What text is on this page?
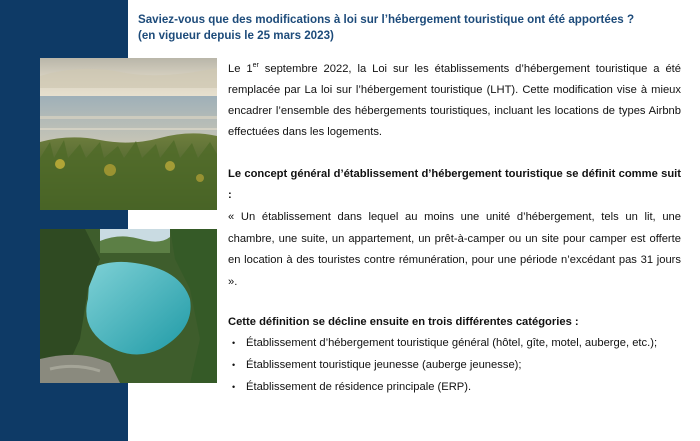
Saviez-vous que des modifications à loi sur l’hébergement touristique ont été apportées ?
(en vigueur depuis le 25 mars 2023)
Le 1er septembre 2022, la Loi sur les établissements d’hébergement touristique a été remplacée par La loi sur l’hébergement touristique (LHT). Cette modification vise à mieux encadrer l’ensemble des hébergements touristiques, incluant les locations de types Airbnb effectuées dans les logements.
Le concept général d’établissement d’hébergement touristique se définit comme suit :
« Un établissement dans lequel au moins une unité d’hébergement, tels un lit, une chambre, une suite, un appartement, un prêt-à-camper ou un site pour camper est offerte en location à des touristes contre rémunération, pour une période n’excédant pas 31 jours ».
Cette définition se décline ensuite en trois différentes catégories :
• Établissement d’hébergement touristique général (hôtel, gîte, motel, auberge, etc.);
• Établissement touristique jeunesse (auberge jeunesse);
• Établissement de résidence principale (ERP).
